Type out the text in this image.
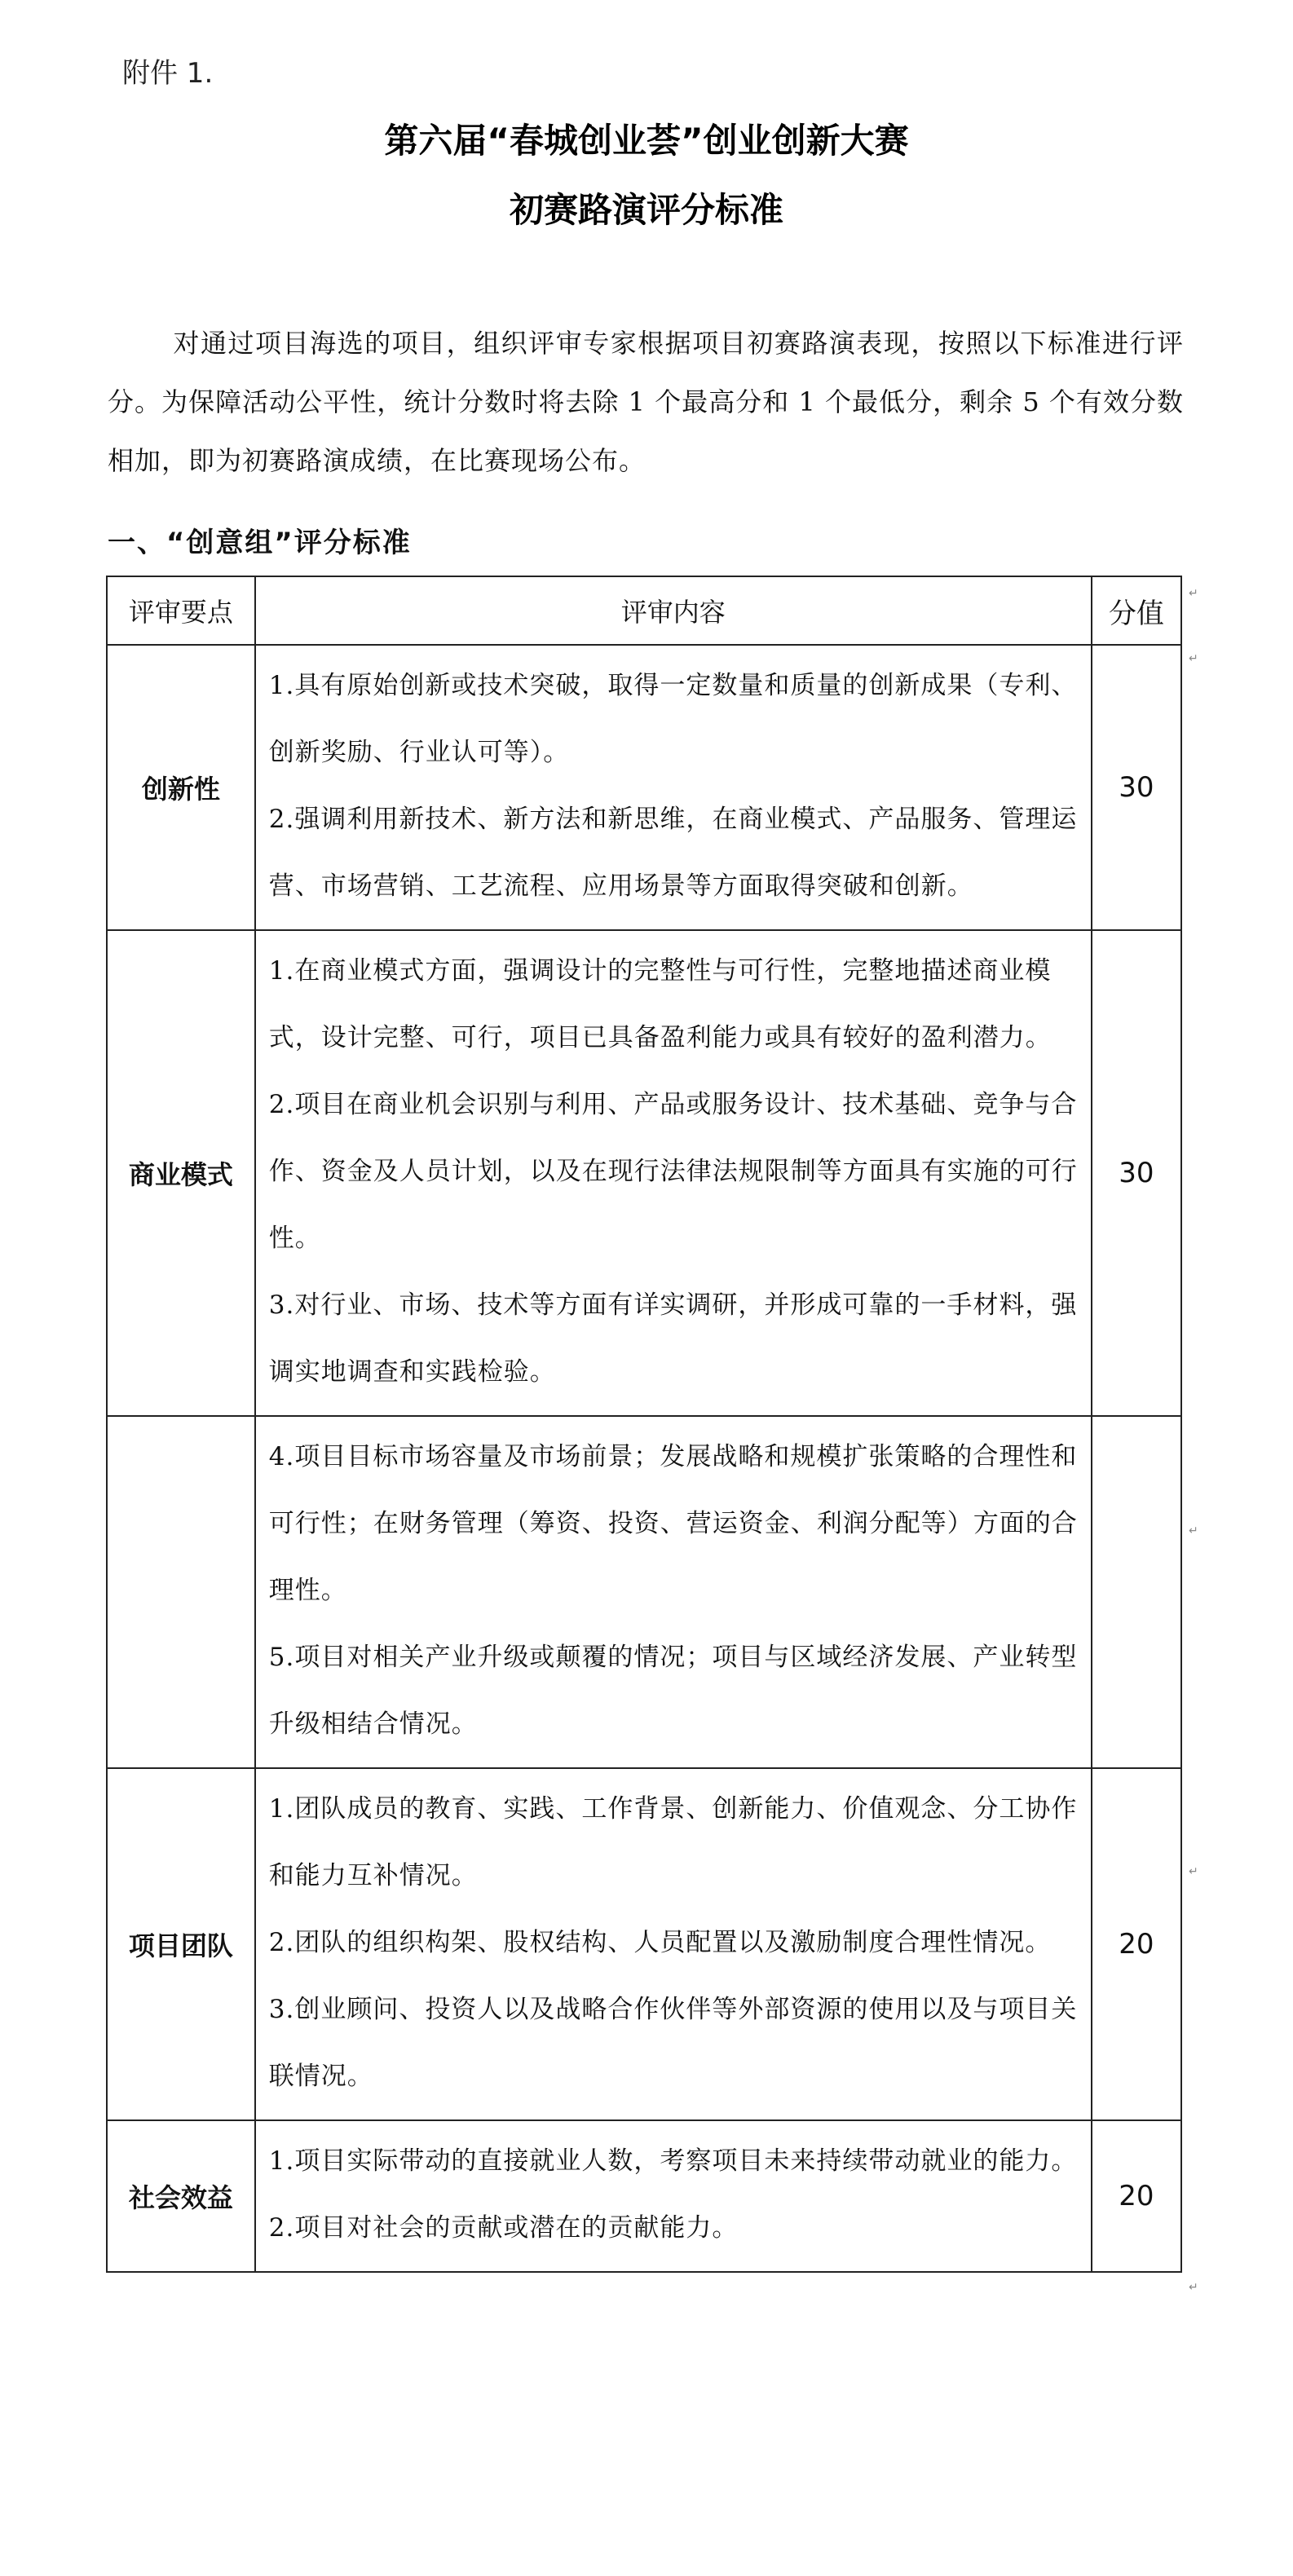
附件 1.
第六届“春城创业荟”创业创新大赛
初赛路演评分标准
对通过项目海选的项目，组织评审专家根据项目初赛路演表现，按照以下标准进行评分。为保障活动公平性，统计分数时将去除 1 个最高分和 1 个最低分，剩余 5 个有效分数相加，即为初赛路演成绩，在比赛现场公布。
一、“创意组”评分标准
评审要点	评审内容	分值
创新性	1.具有原始创新或技术突破，取得一定数量和质量的创新成果（专利、创新奖励、行业认可等）。
2.强调利用新技术、新方法和新思维，在商业模式、产品服务、管理运营、市场营销、工艺流程、应用场景等方面取得突破和创新。	30
商业模式	1.在商业模式方面，强调设计的完整性与可行性，完整地描述商业模式，设计完整、可行，项目已具备盈利能力或具有较好的盈利潜力。
2.项目在商业机会识别与利用、产品或服务设计、技术基础、竞争与合作、资金及人员计划，以及在现行法律法规限制等方面具有实施的可行性。
3.对行业、市场、技术等方面有详实调研，并形成可靠的一手材料，强调实地调查和实践检验。	30

	4.项目目标市场容量及市场前景；发展战略和规模扩张策略的合理性和可行性；在财务管理（筹资、投资、营运资金、利润分配等）方面的合理性。
5.项目对相关产业升级或颠覆的情况；项目与区域经济发展、产业转型升级相结合情况。	

项目团队	1.团队成员的教育、实践、工作背景、创新能力、价值观念、分工协作和能力互补情况。
2.团队的组织构架、股权结构、人员配置以及激励制度合理性情况。
3.创业顾问、投资人以及战略合作伙伴等外部资源的使用以及与项目关联情况。	20
社会效益	1.项目实际带动的直接就业人数，考察项目未来持续带动就业的能力。
2.项目对社会的贡献或潜在的贡献能力。	20
↵
↵
↵
↵
↵
